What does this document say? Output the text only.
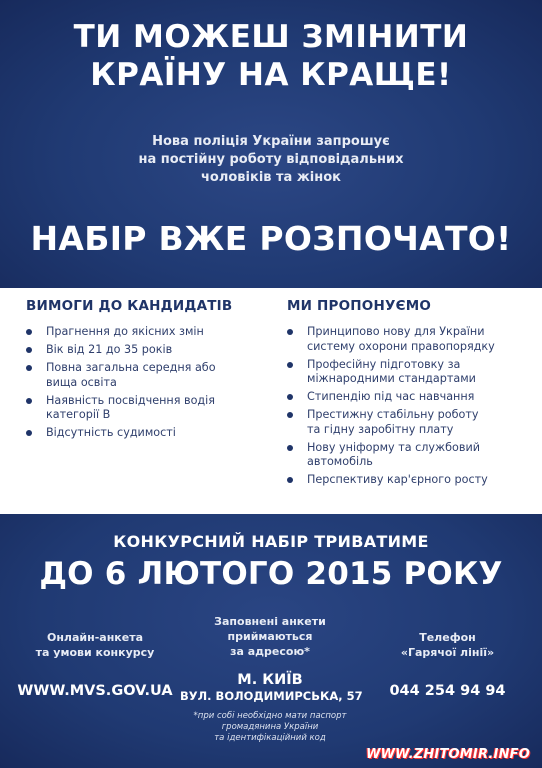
ТИ МОЖЕШ ЗМІНИТИ
КРАЇНУ НА КРАЩЕ!
Нова поліція України запрошує
на постійну роботу відповідальних
чоловіків та жінок
НАБІР ВЖЕ РОЗПОЧАТО!
ВИМОГИ ДО КАНДИДАТІВ
Прагнення до якісних змін
Вік від 21 до 35 років
Повна загальна середня або
вища освіта
Наявність посвідчення водія
категорії В
Відсутність судимості
МИ ПРОПОНУЄМО
Принципово нову для України
систему охорони правопорядку
Професійну підготовку за
міжнародними стандартами
Стипендію під час навчання
Престижну стабільну роботу
та гідну заробітну плату
Нову уніформу та службовий
автомобіль
Перспективу кар'єрного росту
КОНКУРСНИЙ НАБІР ТРИВАТИМЕ
ДО 6 ЛЮТОГО 2015 РОКУ
Онлайн-анкета
та умови конкурсу
WWW.MVS.GOV.UA
Заповнені анкети
приймаються
за адресою*
М. КИЇВ
ВУЛ. ВОЛОДИМИРСЬКА, 57
Телефон
«Гарячої лінії»
044 254 94 94
*при собі необхідно мати паспорт
громадянина України
та ідентифікаційний код
WWW.ZHITOMIR.INFO
